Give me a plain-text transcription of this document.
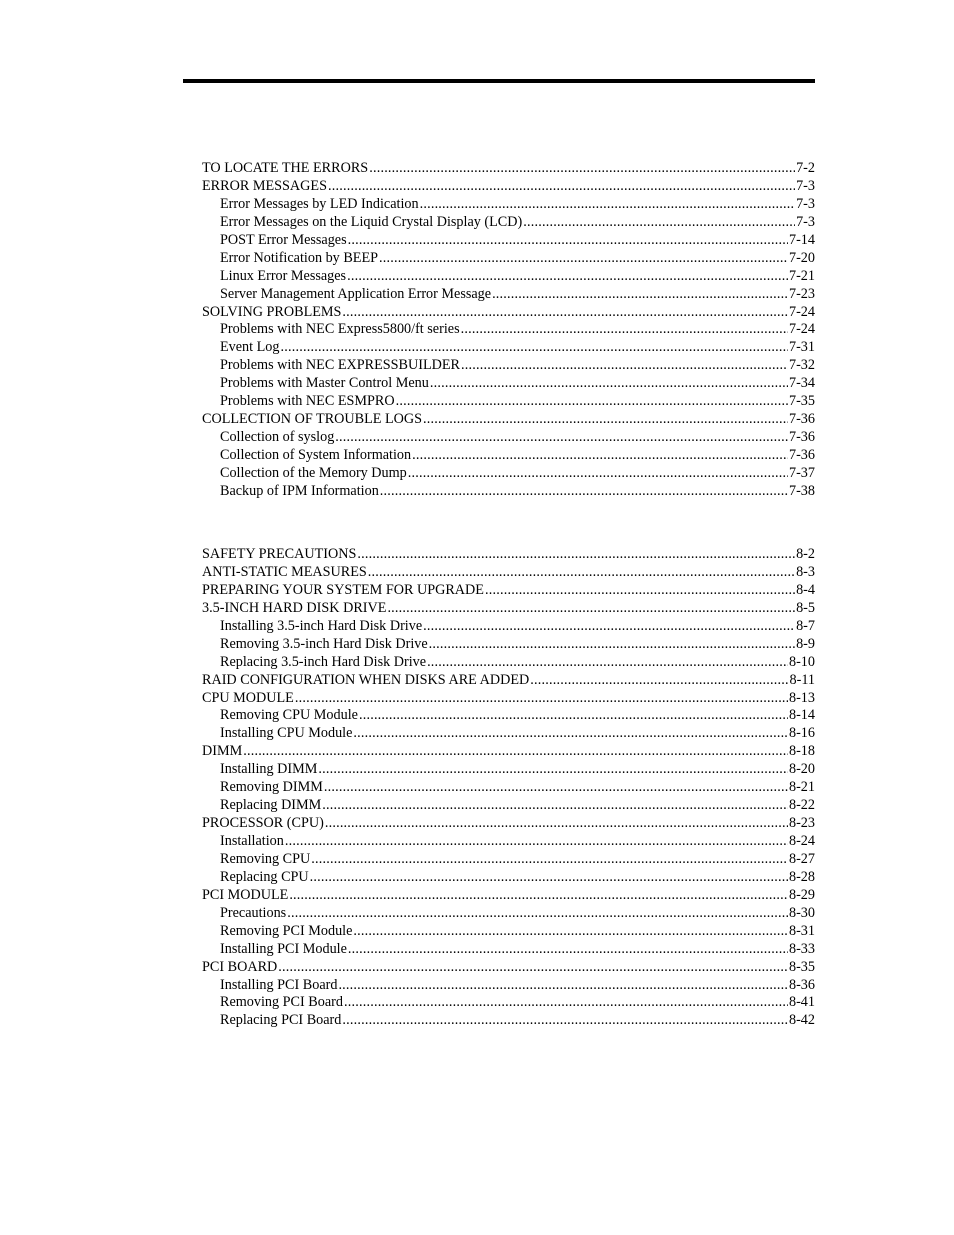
TO LOCATE THE ERRORS .....	7-2
ERROR MESSAGES .....	7-3
Error Messages by LED Indication .....	7-3
Error Messages on the Liquid Crystal Display (LCD) .....	7-3
POST Error Messages .....	7-14
Error Notification by BEEP .....	7-20
Linux Error Messages .....	7-21
Server Management Application Error Message .....	7-23
SOLVING PROBLEMS .....	7-24
Problems with NEC Express5800/ft series .....	7-24
Event Log .....	7-31
Problems with NEC EXPRESSBUILDER .....	7-32
Problems with Master Control Menu .....	7-34
Problems with NEC ESMPRO .....	7-35
COLLECTION OF TROUBLE LOGS .....	7-36
Collection of syslog .....	7-36
Collection of System Information .....	7-36
Collection of the Memory Dump .....	7-37
Backup of IPM Information .....	7-38
SAFETY PRECAUTIONS .....	8-2
ANTI-STATIC MEASURES .....	8-3
PREPARING YOUR SYSTEM FOR UPGRADE .....	8-4
3.5-INCH HARD DISK DRIVE .....	8-5
Installing 3.5-inch Hard Disk Drive .....	8-7
Removing 3.5-inch Hard Disk Drive .....	8-9
Replacing 3.5-inch Hard Disk Drive .....	8-10
RAID CONFIGURATION WHEN DISKS ARE ADDED .....	8-11
CPU MODULE .....	8-13
Removing CPU Module .....	8-14
Installing CPU Module .....	8-16
DIMM .....	8-18
Installing DIMM .....	8-20
Removing DIMM .....	8-21
Replacing DIMM .....	8-22
PROCESSOR (CPU) .....	8-23
Installation .....	8-24
Removing CPU .....	8-27
Replacing CPU .....	8-28
PCI MODULE .....	8-29
Precautions .....	8-30
Removing PCI Module .....	8-31
Installing PCI Module .....	8-33
PCI BOARD .....	8-35
Installing PCI Board .....	8-36
Removing PCI Board .....	8-41
Replacing PCI Board .....	8-42
